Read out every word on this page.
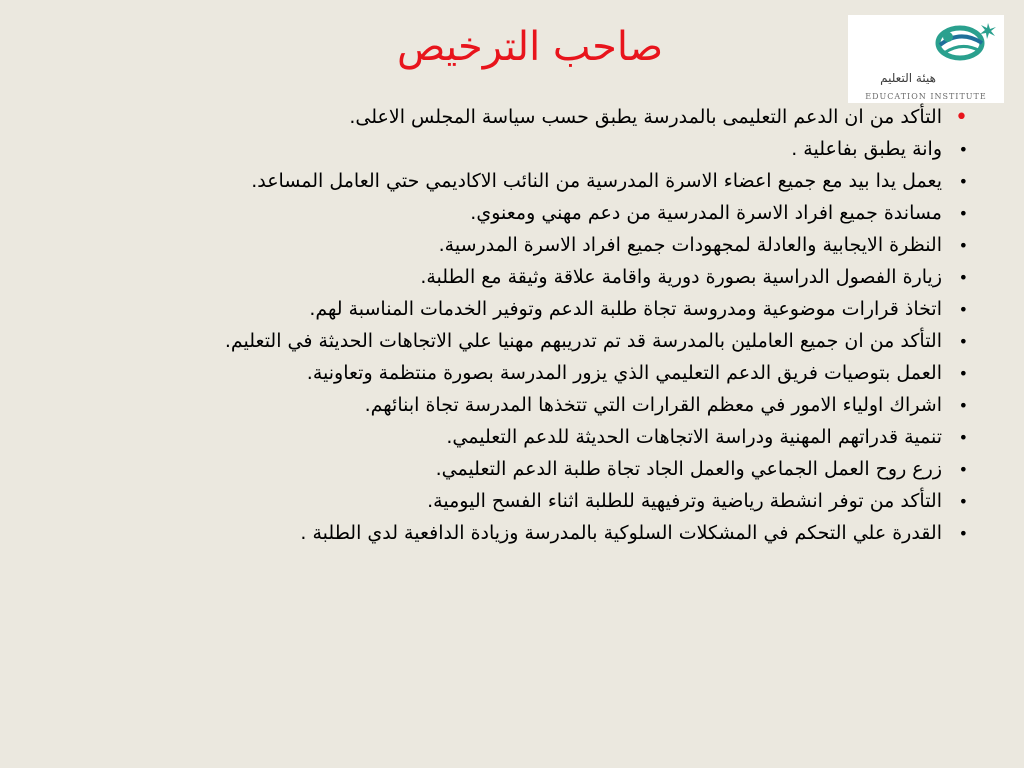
صاحب الترخيص
هيئة التعليم
EDUCATION INSTITUTE
•
التأكد من ان الدعم التعليمى بالمدرسة يطبق حسب سياسة المجلس الاعلى.
•
وانة يطبق بفاعلية .
•
يعمل يدا بيد مع جميع اعضاء الاسرة المدرسية من النائب الاكاديمي حتي العامل المساعد.
•
مساندة جميع افراد الاسرة المدرسية من دعم مهني ومعنوي.
•
النظرة الايجابية والعادلة لمجهودات جميع افراد الاسرة المدرسية.
•
زيارة الفصول الدراسية بصورة دورية واقامة علاقة وثيقة مع الطلبة.
•
اتخاذ قرارات موضوعية ومدروسة تجاة طلبة الدعم وتوفير الخدمات المناسبة لهم.
•
التأكد من ان جميع العاملين بالمدرسة قد تم تدريبهم مهنيا علي الاتجاهات الحديثة في التعليم.
•
العمل بتوصيات فريق الدعم التعليمي الذي يزور المدرسة بصورة منتظمة وتعاونية.
•
اشراك اولياء الامور في معظم القرارات التي تتخذها المدرسة تجاة ابنائهم.
•
تنمية قدراتهم المهنية ودراسة الاتجاهات الحديثة للدعم التعليمي.
•
زرع روح العمل الجماعي والعمل الجاد تجاة طلبة الدعم التعليمي.
•
التأكد من توفر انشطة رياضية وترفيهية للطلبة اثناء الفسح اليومية.
•
القدرة علي التحكم في المشكلات السلوكية بالمدرسة وزيادة الدافعية لدي الطلبة .
